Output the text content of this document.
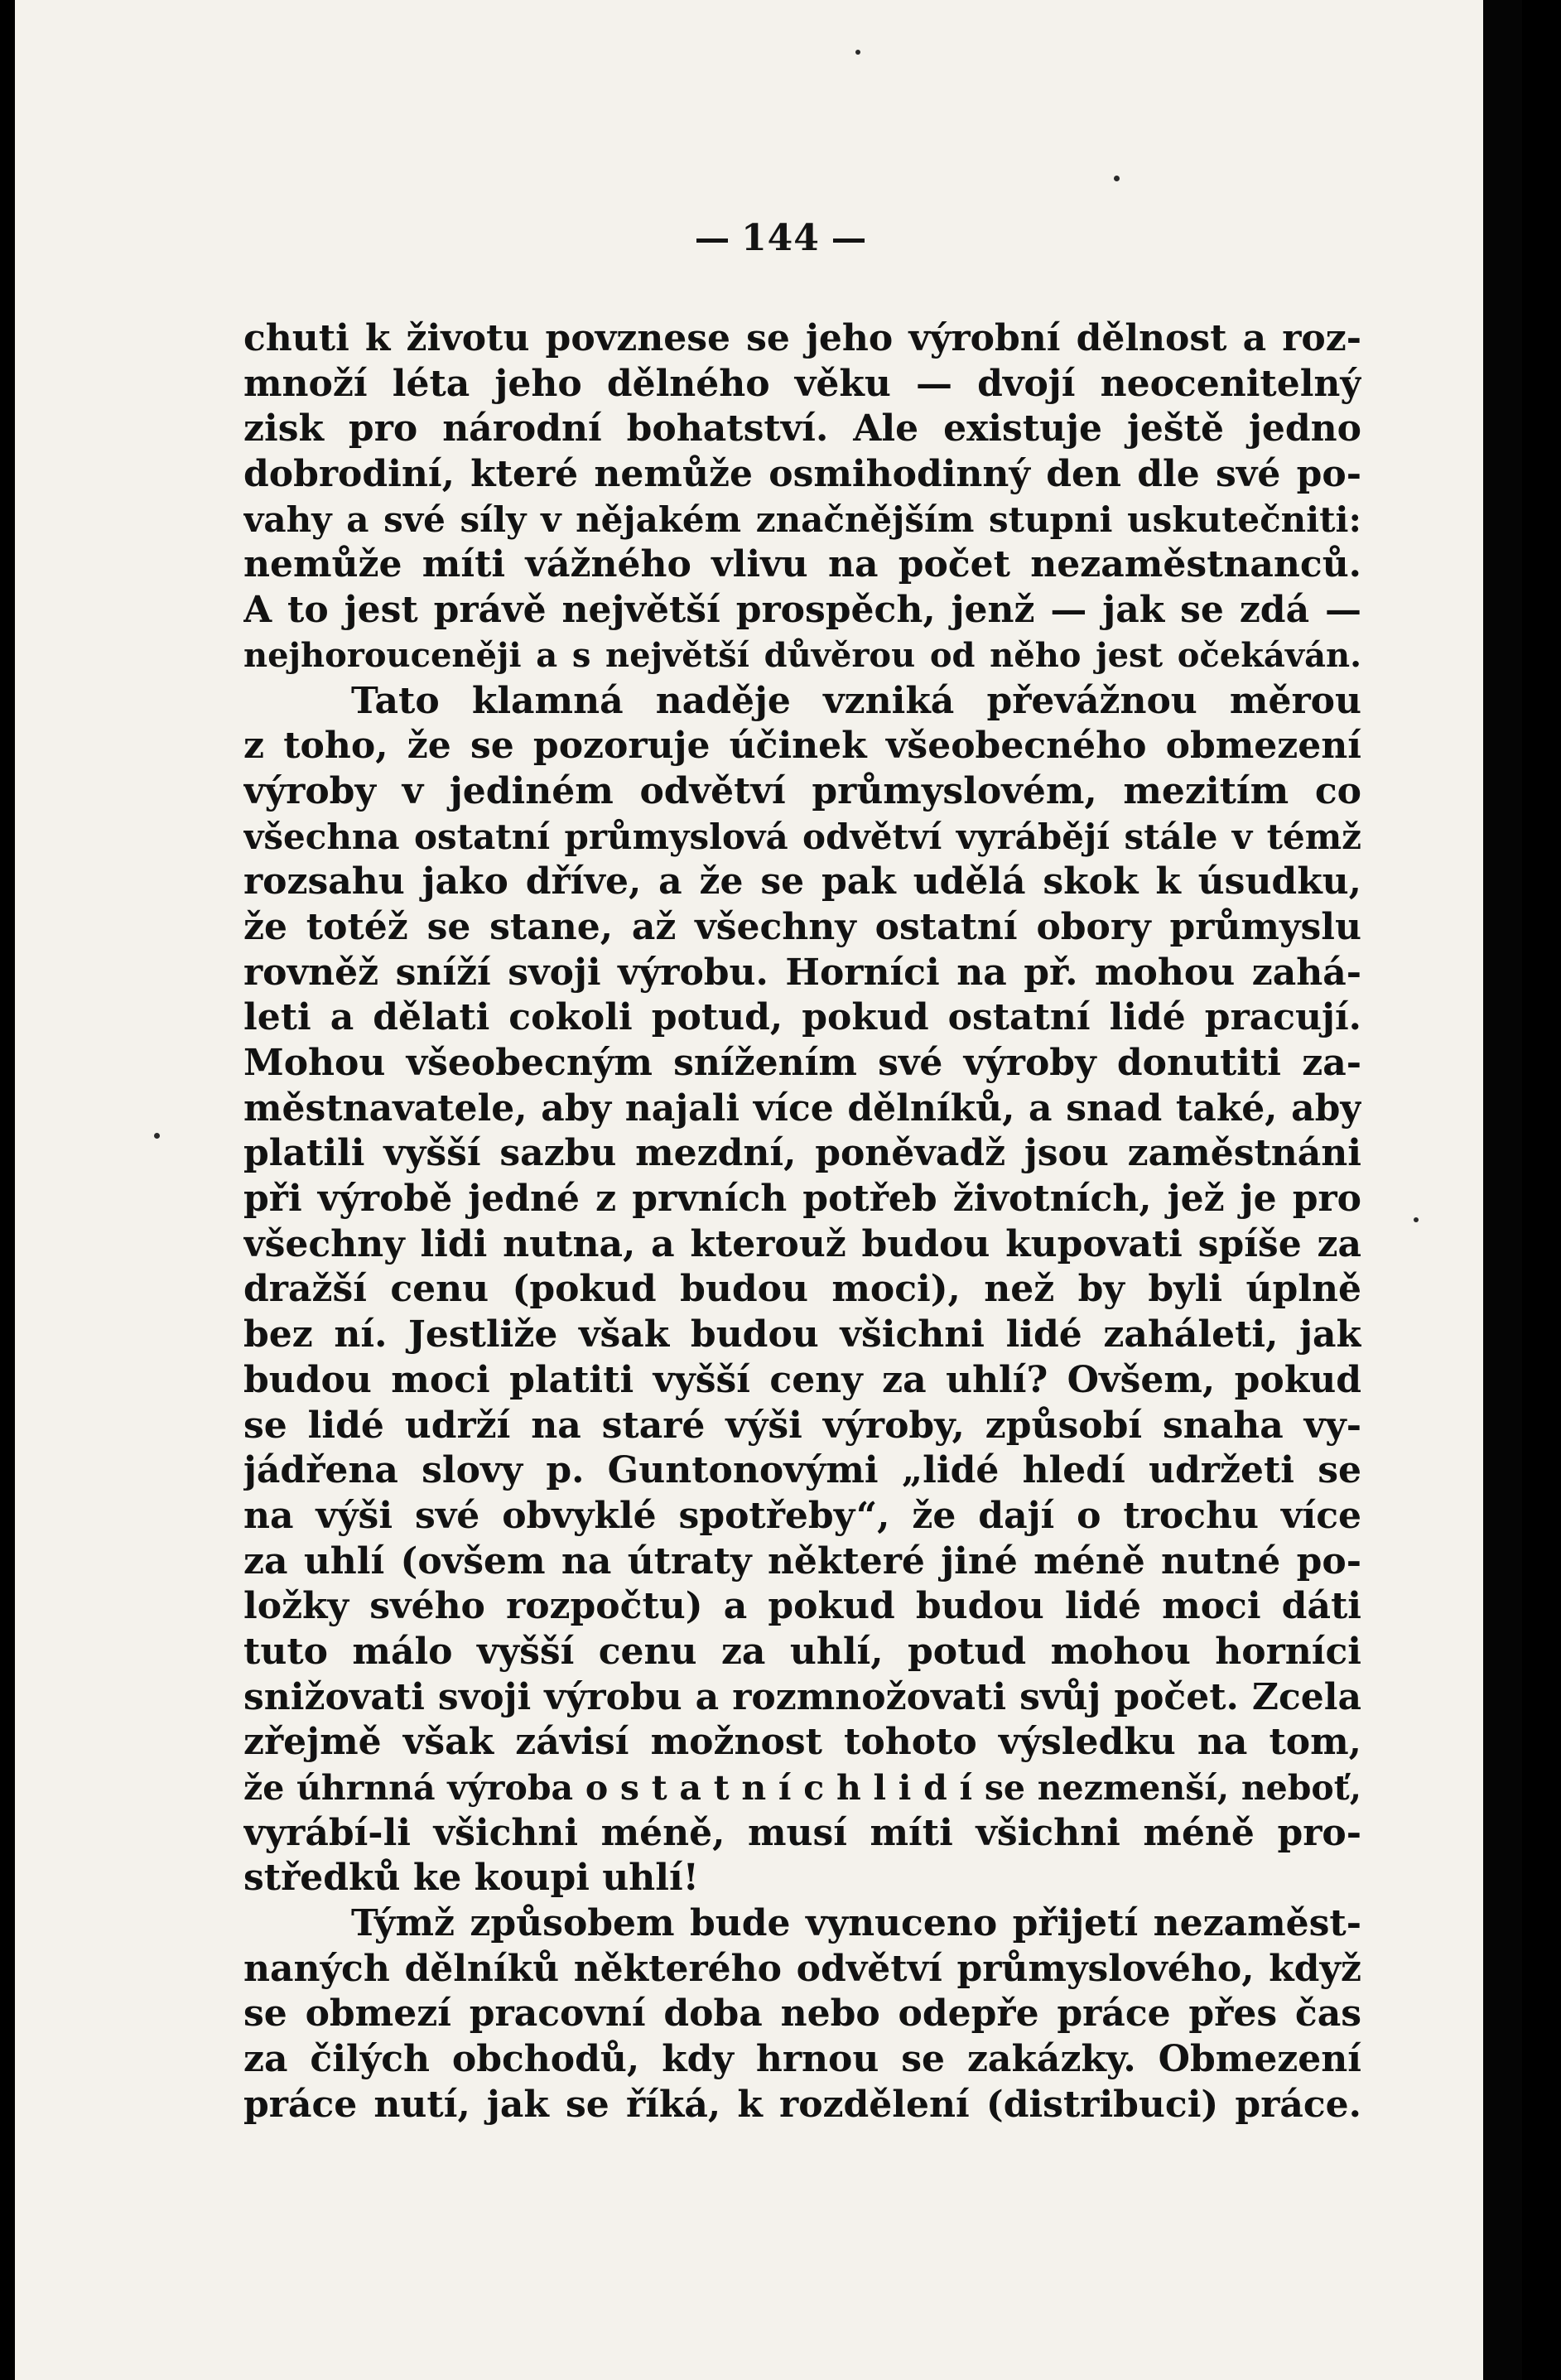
144
chuti k životu povznese se jeho výrobní dělnost a roz-
množí léta jeho dělného věku — dvojí neocenitelný
zisk pro národní bohatství. Ale existuje ještě jedno
dobrodiní, které nemůže osmihodinný den dle své po-
vahy a své síly v nějakém značnějším stupni uskutečniti:
nemůže míti vážného vlivu na počet nezaměstnanců.
A to jest právě největší prospěch, jenž — jak se zdá —
nejhorouceněji a s největší důvěrou od něho jest očekáván.
Tato klamná naděje vzniká převážnou měrou
z toho, že se pozoruje účinek všeobecného obmezení
výroby v jediném odvětví průmyslovém, mezitím co
všechna ostatní průmyslová odvětví vyrábějí stále v témž
rozsahu jako dříve, a že se pak udělá skok k úsudku,
že totéž se stane, až všechny ostatní obory průmyslu
rovněž sníží svoji výrobu. Horníci na př. mohou zahá-
leti a dělati cokoli potud, pokud ostatní lidé pracují.
Mohou všeobecným snížením své výroby donutiti za-
městnavatele, aby najali více dělníků, a snad také, aby
platili vyšší sazbu mezdní, poněvadž jsou zaměstnáni
při výrobě jedné z prvních potřeb životních, jež je pro
všechny lidi nutna, a kterouž budou kupovati spíše za
dražší cenu (pokud budou moci), než by byli úplně
bez ní. Jestliže však budou všichni lidé zaháleti, jak
budou moci platiti vyšší ceny za uhlí? Ovšem, pokud
se lidé udrží na staré výši výroby, způsobí snaha vy-
jádřena slovy p. Guntonovými „lidé hledí udržeti se
na výši své obvyklé spotřeby“, že dají o trochu více
za uhlí (ovšem na útraty některé jiné méně nutné po-
ložky svého rozpočtu) a pokud budou lidé moci dáti
tuto málo vyšší cenu za uhlí, potud mohou horníci
snižovati svoji výrobu a rozmnožovati svůj počet. Zcela
zřejmě však závisí možnost tohoto výsledku na tom,
že úhrnná výroba o s t a t n í c h l i d í se nezmenší, neboť,
vyrábí-li všichni méně, musí míti všichni méně pro-
středků ke koupi uhlí!
Týmž způsobem bude vynuceno přijetí nezaměst-
naných dělníků některého odvětví průmyslového, když
se obmezí pracovní doba nebo odepře práce přes čas
za čilých obchodů, kdy hrnou se zakázky. Obmezení
práce nutí, jak se říká, k rozdělení (distribuci) práce.
